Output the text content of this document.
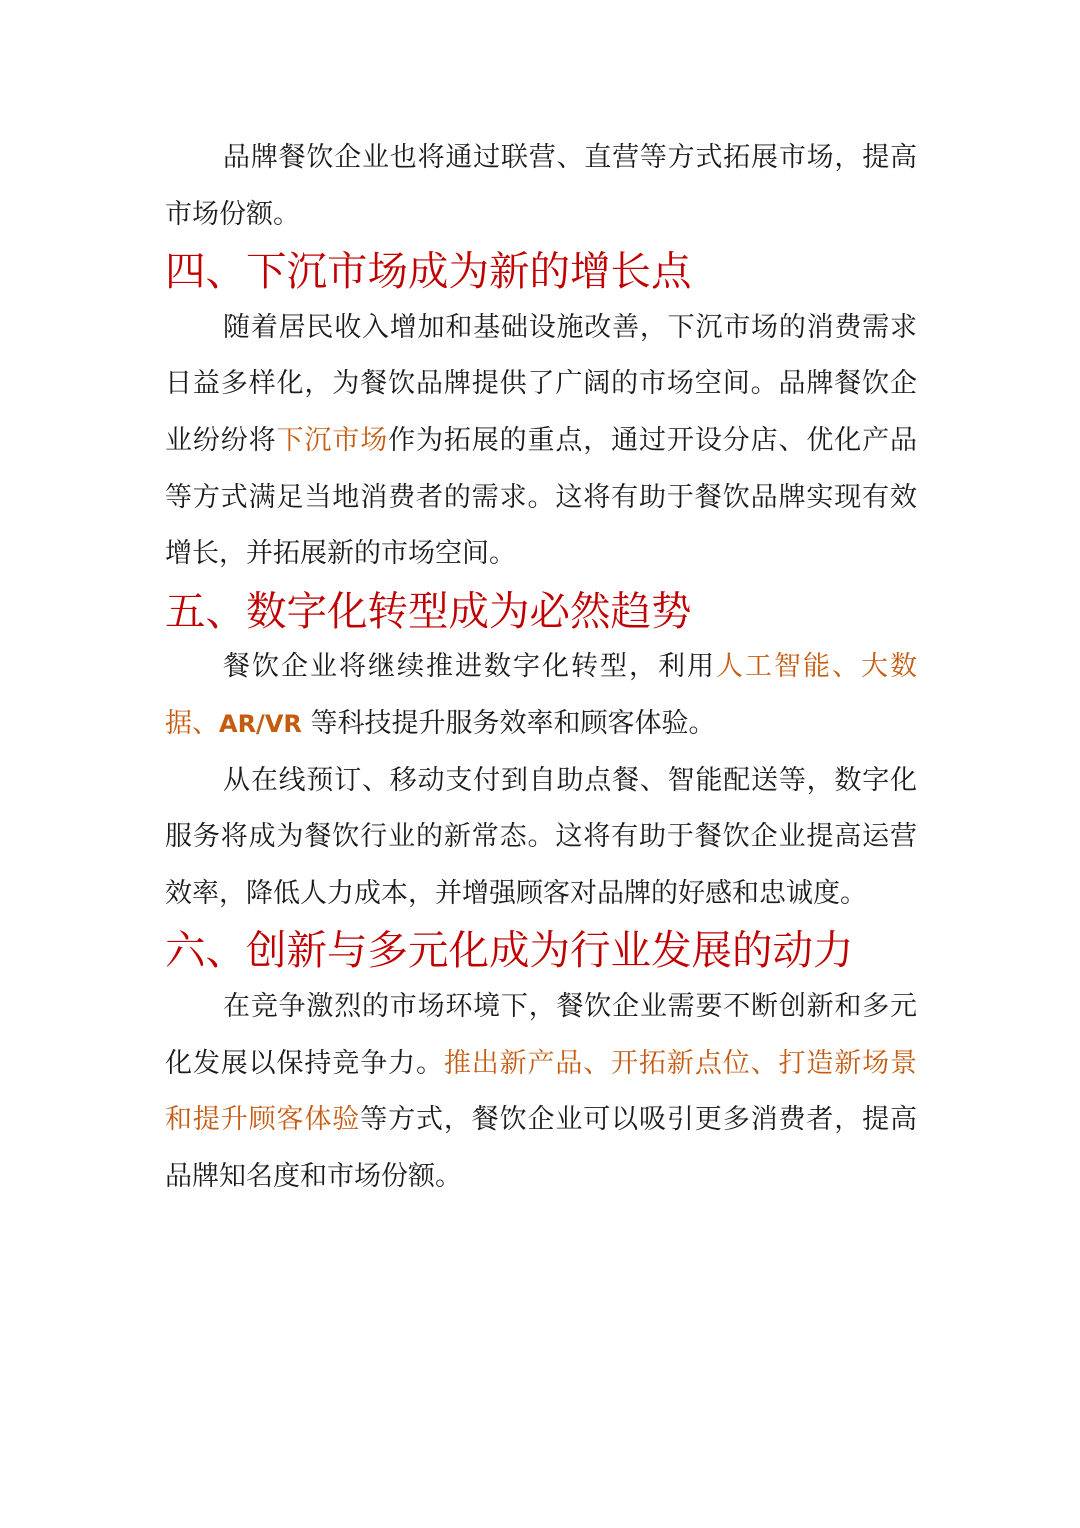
品牌餐饮企业也将通过联营、直营等方式拓展市场，提高市场份额。

四、下沉市场成为新的增长点

随着居民收入增加和基础设施改善，下沉市场的消费需求日益多样化，为餐饮品牌提供了广阔的市场空间。品牌餐饮企业纷纷将下沉市场作为拓展的重点，通过开设分店、优化产品等方式满足当地消费者的需求。这将有助于餐饮品牌实现有效增长，并拓展新的市场空间。

五、数字化转型成为必然趋势

餐饮企业将继续推进数字化转型，利用人工智能、大数据、AR/VR 等科技提升服务效率和顾客体验。

从在线预订、移动支付到自助点餐、智能配送等，数字化服务将成为餐饮行业的新常态。这将有助于餐饮企业提高运营效率，降低人力成本，并增强顾客对品牌的好感和忠诚度。

六、创新与多元化成为行业发展的动力

在竞争激烈的市场环境下，餐饮企业需要不断创新和多元化发展以保持竞争力。推出新产品、开拓新点位、打造新场景和提升顾客体验等方式，餐饮企业可以吸引更多消费者，提高品牌知名度和市场份额。
